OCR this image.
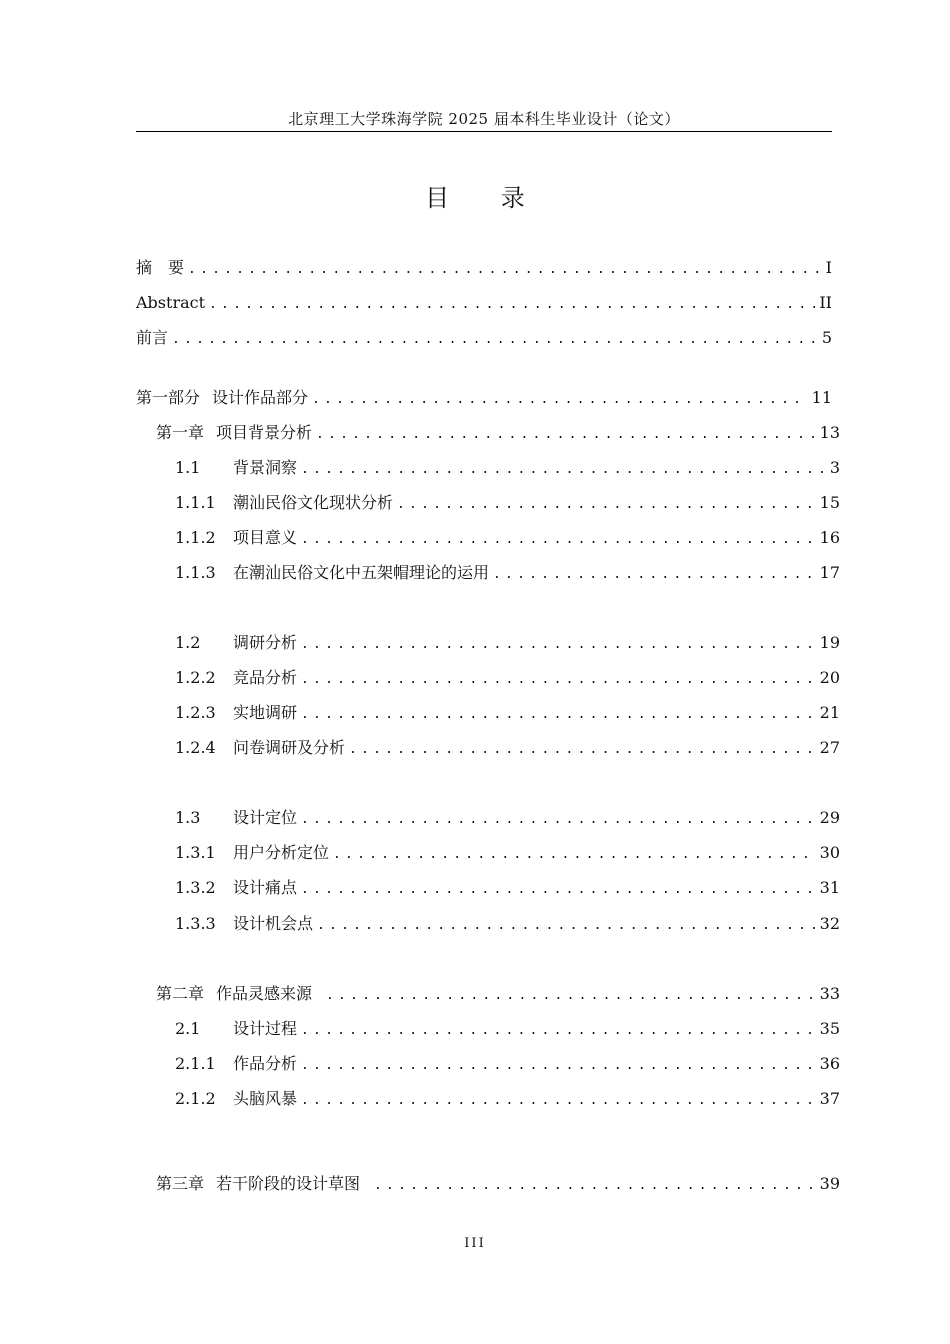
北京理工大学珠海学院 2025 届本科生毕业设计（论文）
目 录
摘　要 .....	I
Abstract .....	II
前言 .....	5
第一部分 设计作品部分 .....	11
第一章 项目背景分析 .....	13
1.1 背景洞察 .....	3
1.1.1 潮汕民俗文化现状分析 .....	15
1.1.2 项目意义 .....	16
1.1.3 在潮汕民俗文化中五架帽理论的运用 .....	17
1.2 调研分析 .....	19
1.2.2 竞品分析 .....	20
1.2.3 实地调研 .....	21
1.2.4 问卷调研及分析 .....	27
1.3 设计定位 .....	29
1.3.1 用户分析定位 .....	30
1.3.2 设计痛点 .....	31
1.3.3 设计机会点 .....	32
第二章 作品灵感来源 .....	33
2.1 设计过程 .....	35
2.1.1 作品分析 .....	36
2.1.2 头脑风暴 .....	37
第三章 若干阶段的设计草图 .....	39
III
